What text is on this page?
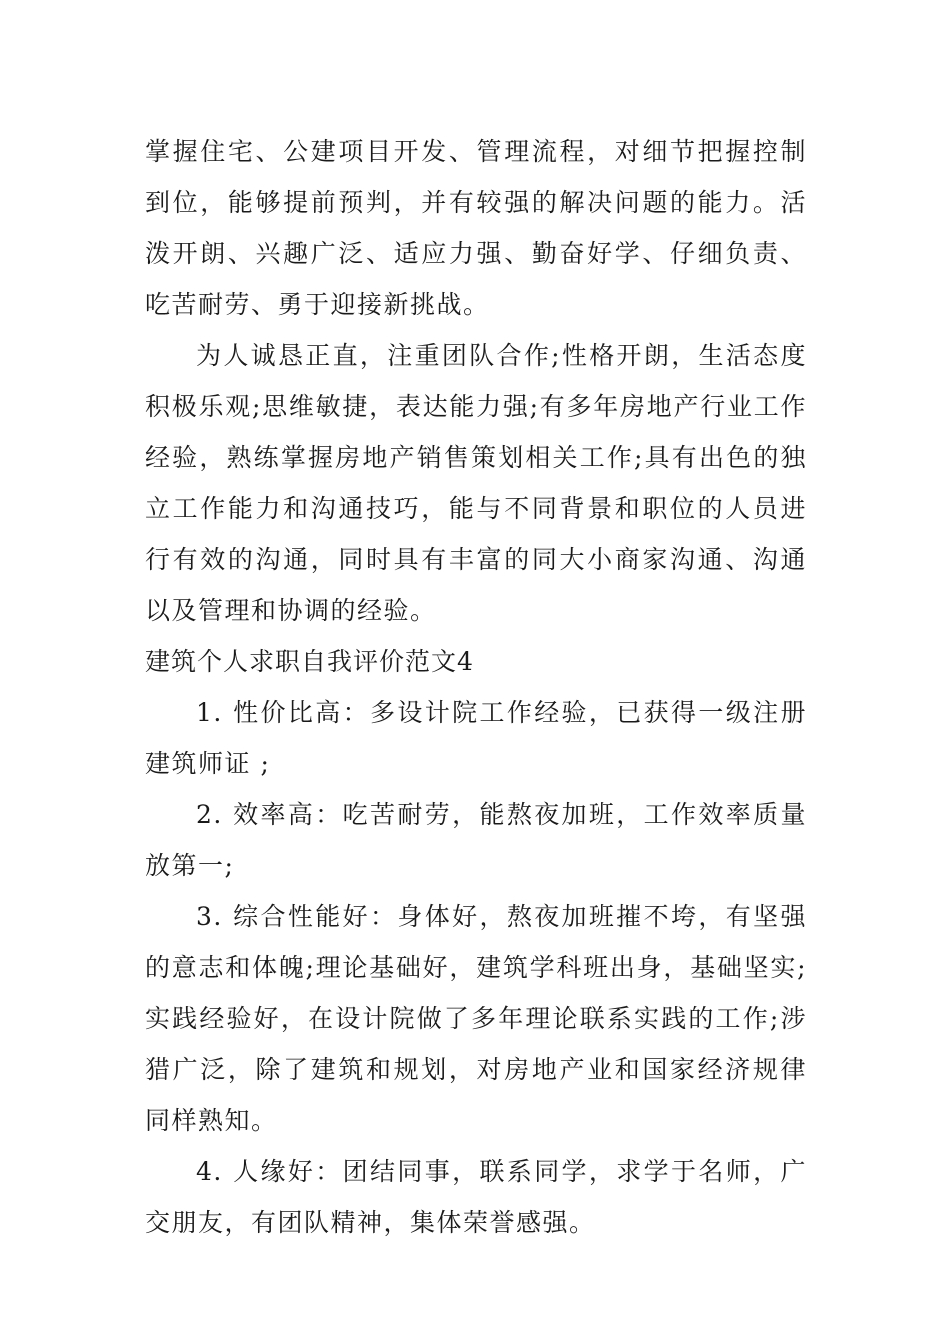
掌握住宅、公建项目开发、管理流程，对细节把握控制到位，能够提前预判，并有较强的解决问题的能力。活泼开朗、兴趣广泛、适应力强、勤奋好学、仔细负责、吃苦耐劳、勇于迎接新挑战。

为人诚恳正直，注重团队合作;性格开朗，生活态度积极乐观;思维敏捷，表达能力强;有多年房地产行业工作经验，熟练掌握房地产销售策划相关工作;具有出色的独立工作能力和沟通技巧，能与不同背景和职位的人员进行有效的沟通，同时具有丰富的同大小商家沟通、沟通以及管理和协调的经验。

建筑个人求职自我评价范文4

1. 性价比高：多设计院工作经验，已获得一级注册建筑师证 ;

2. 效率高：吃苦耐劳，能熬夜加班，工作效率质量放第一;

3. 综合性能好：身体好，熬夜加班摧不垮，有坚强的意志和体魄;理论基础好，建筑学科班出身，基础坚实;实践经验好，在设计院做了多年理论联系实践的工作;涉猎广泛，除了建筑和规划，对房地产业和国家经济规律同样熟知。

4. 人缘好：团结同事，联系同学，求学于名师，广交朋友，有团队精神，集体荣誉感强。
